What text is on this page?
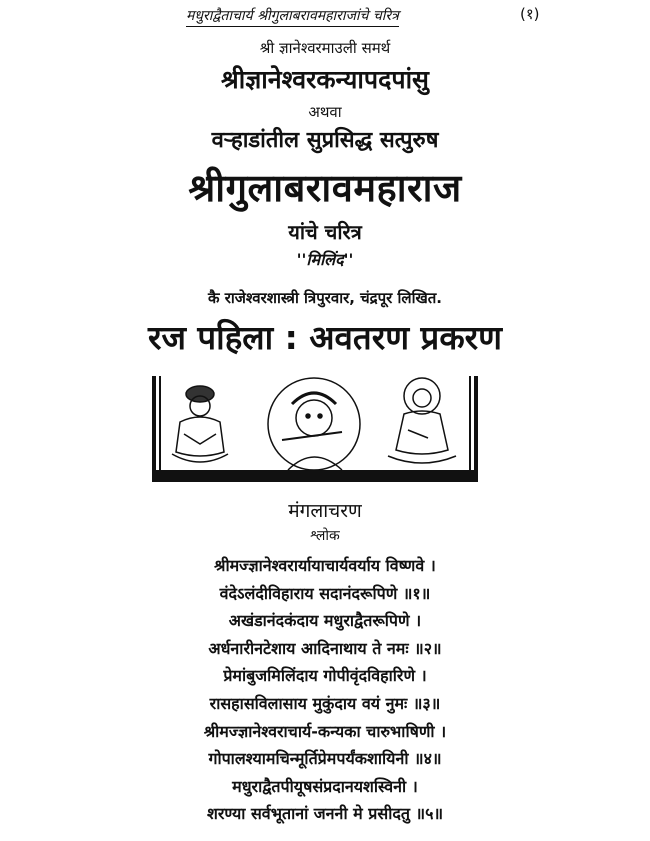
मधुराद्वैताचार्य श्रीगुलाबरावमहाराजांचे चरित्र	(१)
श्री ज्ञानेश्वरमाउली समर्थ
श्रीज्ञानेश्वरकन्यापदपांसु
अथवा
वऱ्हाडांतील सुप्रसिद्ध सत्पुरुष
श्रीगुलाबरावमहाराज
यांचे चरित्र
''मिलिंद''
कै राजेश्वरशास्त्री त्रिपुरवार, चंद्रपूर लिखित.
रज पहिला : अवतरण प्रकरण
मंगलाचरण
श्लोक
श्रीमज्ज्ञानेश्वरार्यायाचार्यवर्याय विष्णवे ।
वंदेऽलंदीविहाराय स दानंदरूपिणे ॥१॥
अखंडानंदकंदाय मधुराद्वैतरूपिणे ।
अर्धनारीनटेशाय आदिनाथाय ते नमः ॥२॥
प्रेमांबुजमिलिंदाय गोपीवृंदविहारिणे ।
रासहासविलासाय मुकुंदाय वयं नुमः ॥३॥
श्रीमज्ज्ञानेश्वराचार्य-कन्यका चारुभाषिणी ।
गोपालश्यामचिन्मूर्तिप्रेमपर्यंकशायिनी ॥४॥
मधुराद्वैतपीयूषसंप्रदानयशस्विनी ।
शरण्या सर्वभूतानां जननी मे प्रसीदतु ॥५॥
